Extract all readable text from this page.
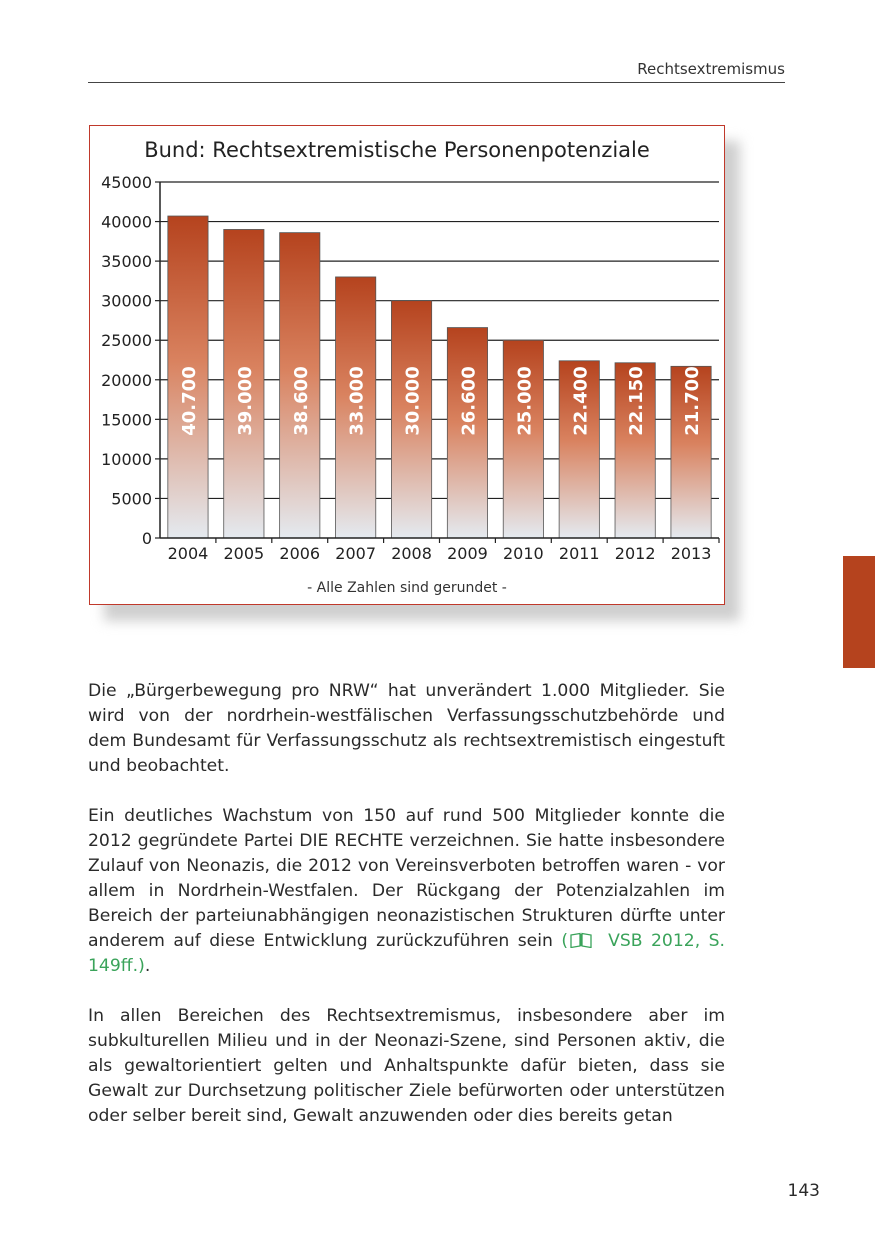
Rechtsextremismus
Bund: Rechtsextremistische Personenpotenziale
0
5000
10000
15000
20000
25000
30000
35000
40000
45000
40.700 39.000 38.600 33.000 30.000 26.600 25.000 22.400 22.150 21.700
2004 2005 2006 2007 2008 2009 2010 2011 2012 2013
- Alle Zahlen sind gerundet -

Die „Bürgerbewegung pro NRW“ hat unverändert 1.000 Mitglieder. Sie wird von der nordrhein-westfälischen Verfassungsschutzbehörde und dem Bundesamt für Verfassungsschutz als rechtsextremistisch eingestuft und beobachtet.

Ein deutliches Wachstum von 150 auf rund 500 Mitglieder konnte die 2012 gegründete Partei DIE RECHTE verzeichnen. Sie hatte insbesondere Zulauf von Neonazis, die 2012 von Vereinsverboten betroffen waren - vor allem in Nordrhein-Westfalen. Der Rückgang der Potenzialzahlen im Bereich der parteiunabhängigen neonazistischen Strukturen dürfte unter anderem auf diese Entwicklung zurückzuführen sein ( VSB 2012, S. 149ff.).

In allen Bereichen des Rechtsextremismus, insbesondere aber im subkulturellen Milieu und in der Neonazi-Szene, sind Personen aktiv, die als gewaltorientiert gelten und Anhaltspunkte dafür bieten, dass sie Gewalt zur Durchsetzung politischer Ziele befürworten oder unterstützen oder selber bereit sind, Gewalt anzuwenden oder dies bereits getan

143
